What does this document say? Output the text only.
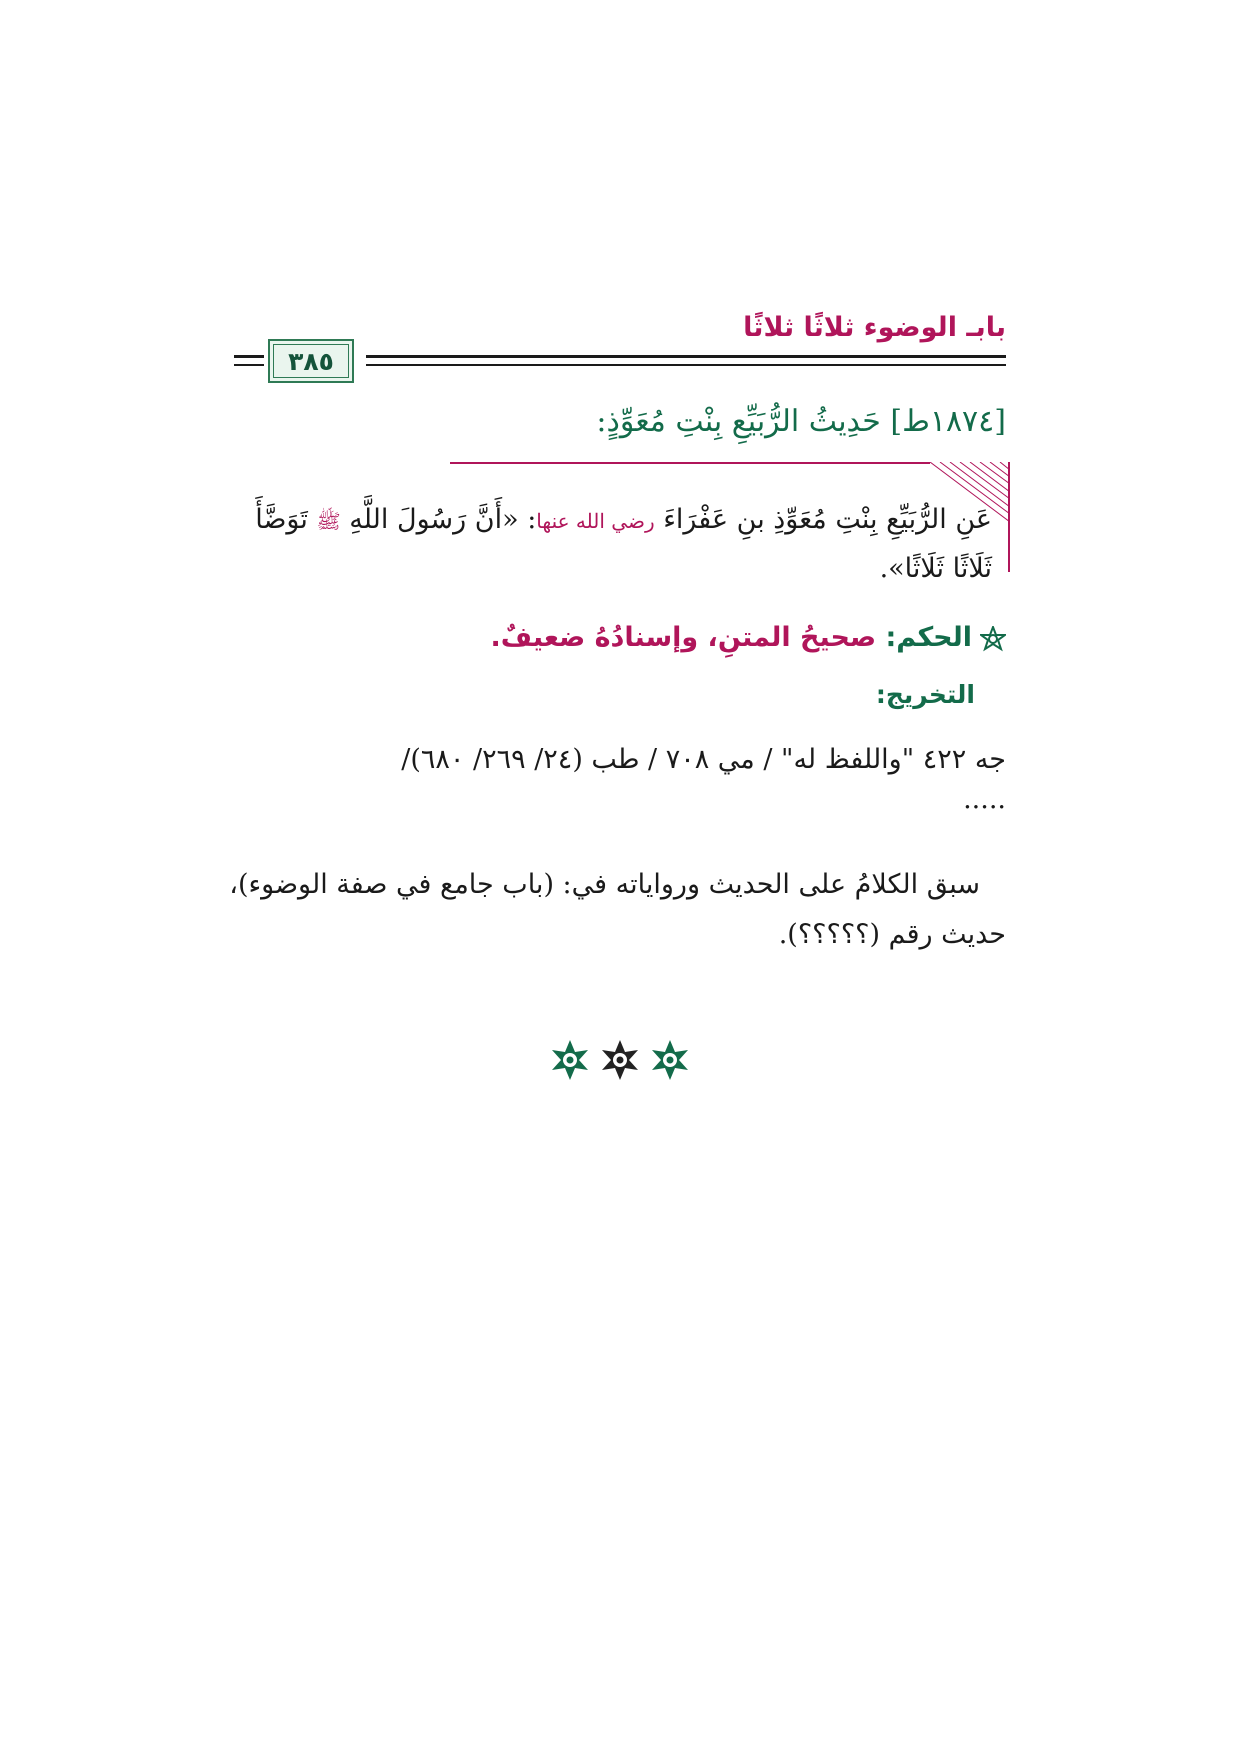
بابـ الوضوء ثلاثًا ثلاثًا
٣٨٥
[١٨٧٤ط] حَدِيثُ الرُّبَيِّعِ بِنْتِ مُعَوِّذٍ:
عَنِ الرُّبَيِّعِ بِنْتِ مُعَوِّذِ بنِ عَفْرَاءَ رضي الله عنها: «أَنَّ رَسُولَ اللَّهِ ﷺ تَوَضَّأَ ثَلَاثًا ثَلَاثًا».
الحكم: صحيحُ المتنِ، وإسنادُهُ ضعيفٌ.
التخريج:
جه ٤٢٢ "واللفظ له" / مي ٧٠٨ / طب (٢٤/ ٢٦٩/ ٦٨٠)/
.....
سبق الكلامُ على الحديث ورواياته في: (باب جامع في صفة الوضوء)، حديث رقم (؟؟؟؟؟).
